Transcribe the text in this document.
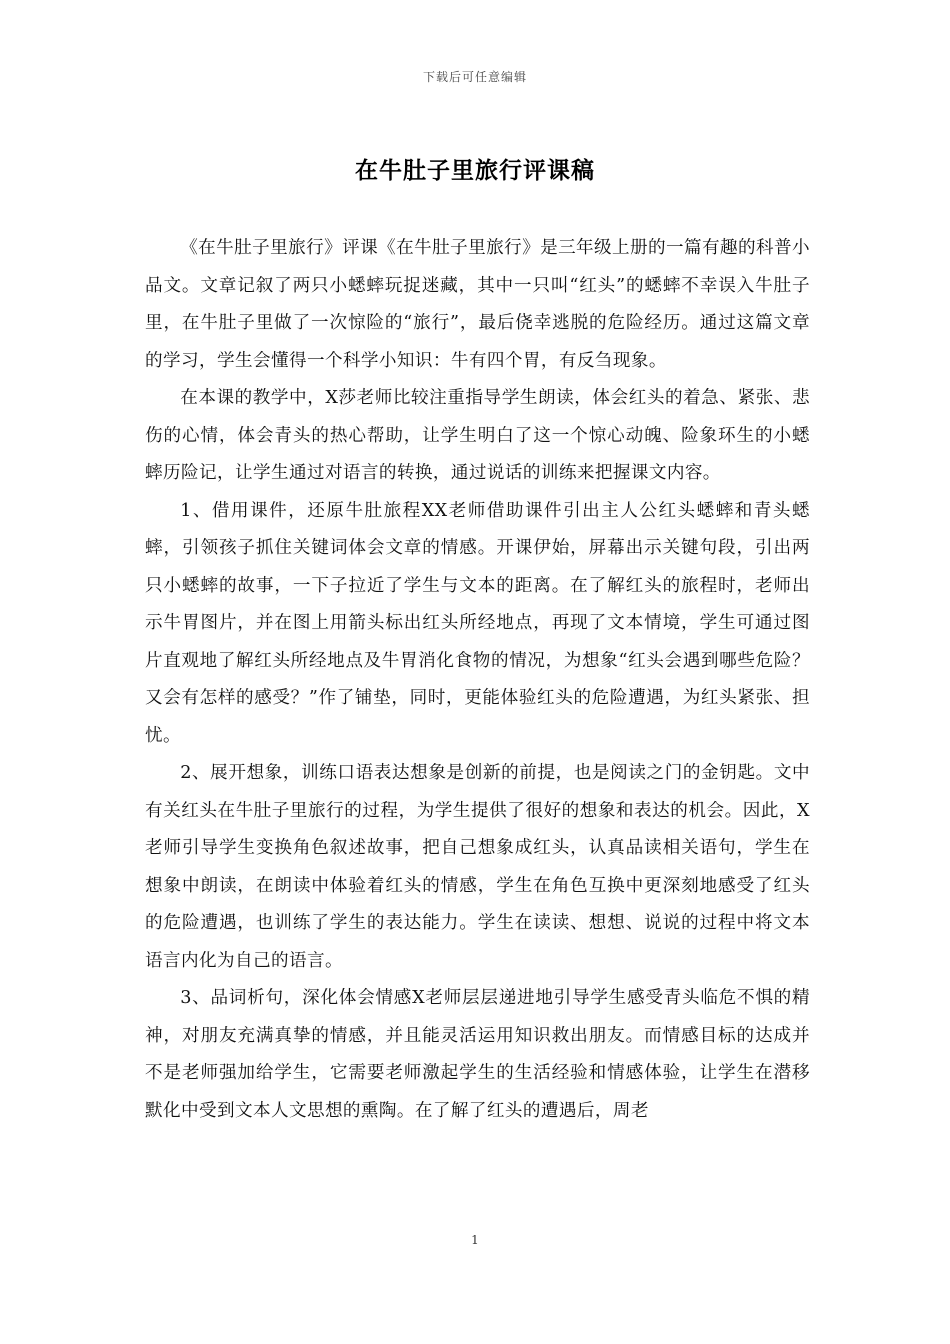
下载后可任意编辑
在牛肚子里旅行评课稿

《在牛肚子里旅行》评课《在牛肚子里旅行》是三年级上册的一篇有趣的科普小品文。文章记叙了两只小蟋蟀玩捉迷藏，其中一只叫“红头”的蟋蟀不幸误入牛肚子里，在牛肚子里做了一次惊险的“旅行”，最后侥幸逃脱的危险经历。通过这篇文章的学习，学生会懂得一个科学小知识：牛有四个胃，有反刍现象。

在本课的教学中，X莎老师比较注重指导学生朗读，体会红头的着急、紧张、悲伤的心情，体会青头的热心帮助，让学生明白了这一个惊心动魄、险象环生的小蟋蟀历险记，让学生通过对语言的转换，通过说话的训练来把握课文内容。

1、借用课件，还原牛肚旅程XX老师借助课件引出主人公红头蟋蟀和青头蟋蟀，引领孩子抓住关键词体会文章的情感。开课伊始，屏幕出示关键句段，引出两只小蟋蟀的故事，一下子拉近了学生与文本的距离。在了解红头的旅程时，老师出示牛胃图片，并在图上用箭头标出红头所经地点，再现了文本情境，学生可通过图片直观地了解红头所经地点及牛胃消化食物的情况，为想象“红头会遇到哪些危险？又会有怎样的感受？”作了铺垫，同时，更能体验红头的危险遭遇，为红头紧张、担忧。

2、展开想象，训练口语表达想象是创新的前提，也是阅读之门的金钥匙。文中有关红头在牛肚子里旅行的过程，为学生提供了很好的想象和表达的机会。因此，X老师引导学生变换角色叙述故事，把自己想象成红头，认真品读相关语句，学生在想象中朗读，在朗读中体验着红头的情感，学生在角色互换中更深刻地感受了红头的危险遭遇，也训练了学生的表达能力。学生在读读、想想、说说的过程中将文本语言内化为自己的语言。

3、品词析句，深化体会情感X老师层层递进地引导学生感受青头临危不惧的精神，对朋友充满真挚的情感，并且能灵活运用知识救出朋友。而情感目标的达成并不是老师强加给学生，它需要老师激起学生的生活经验和情感体验，让学生在潜移默化中受到文本人文思想的熏陶。在了解了红头的遭遇后，周老

1
